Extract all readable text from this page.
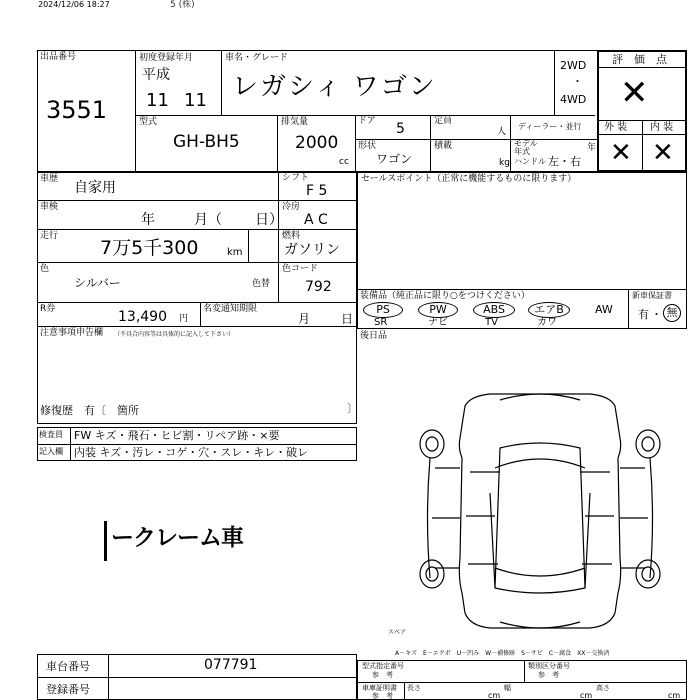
2024/12/06 18:27	5 (株)
出品番号
3551
初度登録年月
平成
11 11
車名・グレード
レガシィ ワゴン
2WD
・
4WD
評　価　点
✕
外 装 内 装
✕ ✕
型式
GH-BH5
排気量
2000
cc
ドア 5	定員
人
ディーラー・並行
モデル
年式	年
形状
ワゴン
積載
kg ハンドル 左・右
車歴
自家用
シフト
F 5
車検
年	月（ 日）
冷房
A C
走行
7万5千300	km
燃料
ガソリン
色
シルバー	色替
色コード
792
R券	13,490 円
名変通知期限
月	日
注意事項申告欄 （不具合内容等は具体的に記入して下さい）
修復歴　有〔 箇所	〕
セールスポイント（正常に機能するものに限ります）
装備品（純正品に限り○をつけください）
PS	PW	ABS	エアB	AW
SR	ナビ	TV	カワ
新車保証書
有 ・ 無
後日品
検査員
記入欄
FW キズ・飛石・ヒビ割・リペア跡・×要
内装 キズ・汚レ・コゲ・穴・スレ・キレ・破レ
ークレーム車
スペア
A－キズ　E－エクボ　U－凹み　W－補修跡　S－サビ　C－腐食　XX－交換済
車台番号	077791
登録番号
型式指定番号
参　考
類別区分番号
参　考
車庫証明書
参　考
長さ
cm
幅
cm
高さ
cm
